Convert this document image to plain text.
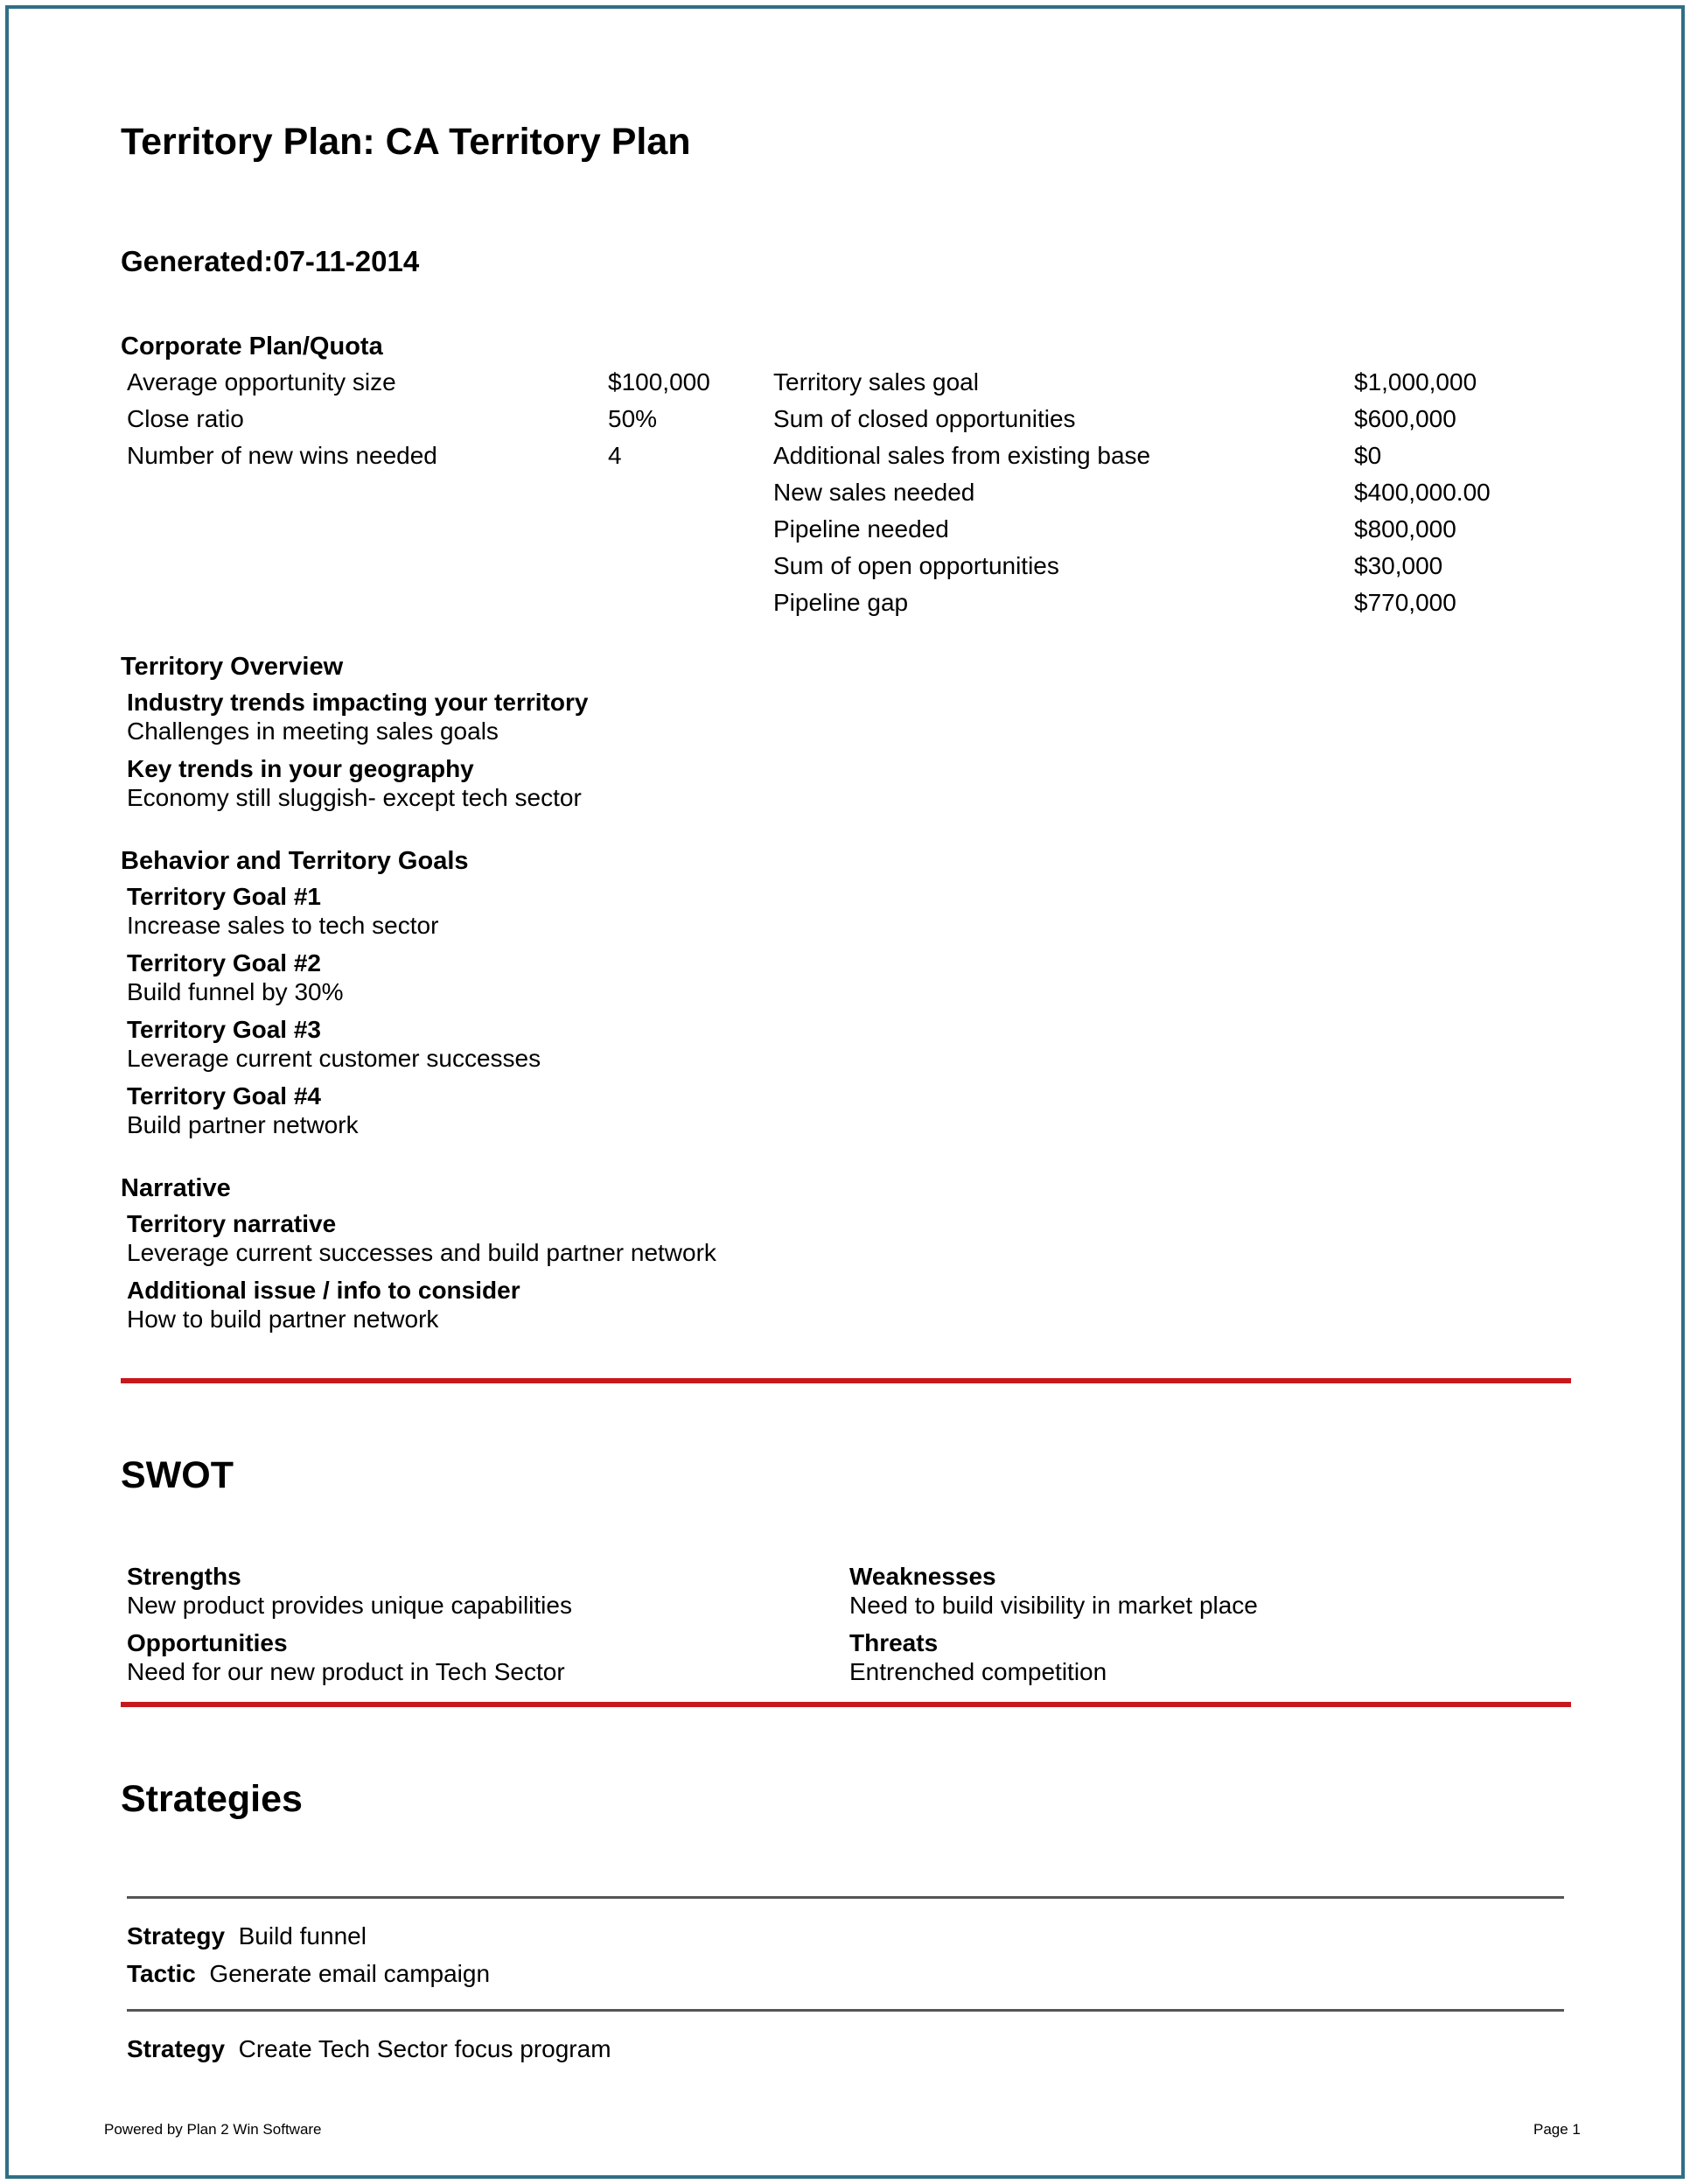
Territory Plan: CA Territory Plan
Generated:07-11-2014
Corporate Plan/Quota
Average opportunity size	$100,000
Close ratio	50%
Number of new wins needed	4
Territory sales goal	$1,000,000
Sum of closed opportunities	$600,000
Additional sales from existing base	$0
New sales needed	$400,000.00
Pipeline needed	$800,000
Sum of open opportunities	$30,000
Pipeline gap	$770,000
Territory Overview
Industry trends impacting your territory
Challenges in meeting sales goals
Key trends in your geography
Economy still sluggish- except tech sector
Behavior and Territory Goals
Territory Goal #1
Increase sales to tech sector
Territory Goal #2
Build funnel by 30%
Territory Goal #3
Leverage current customer successes
Territory Goal #4
Build partner network
Narrative
Territory narrative
Leverage current successes and build partner network
Additional issue / info to consider
How to build partner network
SWOT
Strengths
New product provides unique capabilities
Weaknesses
Need to build visibility in market place
Opportunities
Need for our new product in Tech Sector
Threats
Entrenched competition
Strategies
Strategy Build funnel
Tactic Generate email campaign
Strategy Create Tech Sector focus program
Powered by Plan 2 Win Software	Page 1
